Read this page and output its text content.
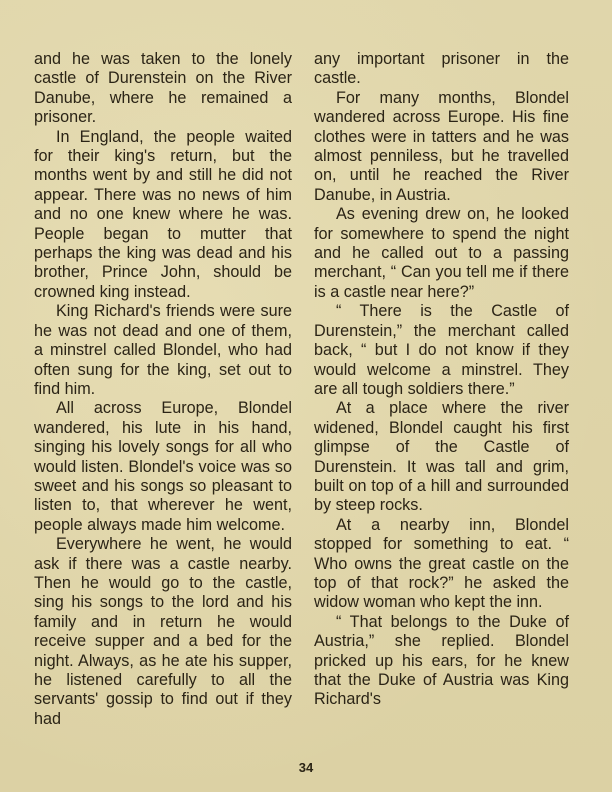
and he was taken to the lonely castle of Durenstein on the River Danube, where he remained a prisoner.

In England, the people waited for their king's return, but the months went by and still he did not appear. There was no news of him and no one knew where he was. People began to mutter that perhaps the king was dead and his brother, Prince John, should be crowned king instead.

King Richard's friends were sure he was not dead and one of them, a minstrel called Blondel, who had often sung for the king, set out to find him.

All across Europe, Blondel wandered, his lute in his hand, singing his lovely songs for all who would listen. Blondel's voice was so sweet and his songs so pleasant to listen to, that wherever he went, people always made him welcome.

Everywhere he went, he would ask if there was a castle nearby. Then he would go to the castle, sing his songs to the lord and his family and in return he would receive supper and a bed for the night. Always, as he ate his supper, he listened carefully to all the servants' gossip to find out if they had

any important prisoner in the castle.

For many months, Blondel wandered across Europe. His fine clothes were in tatters and he was almost penniless, but he travelled on, until he reached the River Danube, in Austria.

As evening drew on, he looked for somewhere to spend the night and he called out to a passing merchant, “ Can you tell me if there is a castle near here?”

“ There is the Castle of Durenstein,” the merchant called back, “ but I do not know if they would welcome a minstrel. They are all tough soldiers there.”

At a place where the river widened, Blondel caught his first glimpse of the Castle of Durenstein. It was tall and grim, built on top of a hill and surrounded by steep rocks.

At a nearby inn, Blondel stopped for something to eat. “ Who owns the great castle on the top of that rock?” he asked the widow woman who kept the inn.

“ That belongs to the Duke of Austria,” she replied. Blondel pricked up his ears, for he knew that the Duke of Austria was King Richard's

34
